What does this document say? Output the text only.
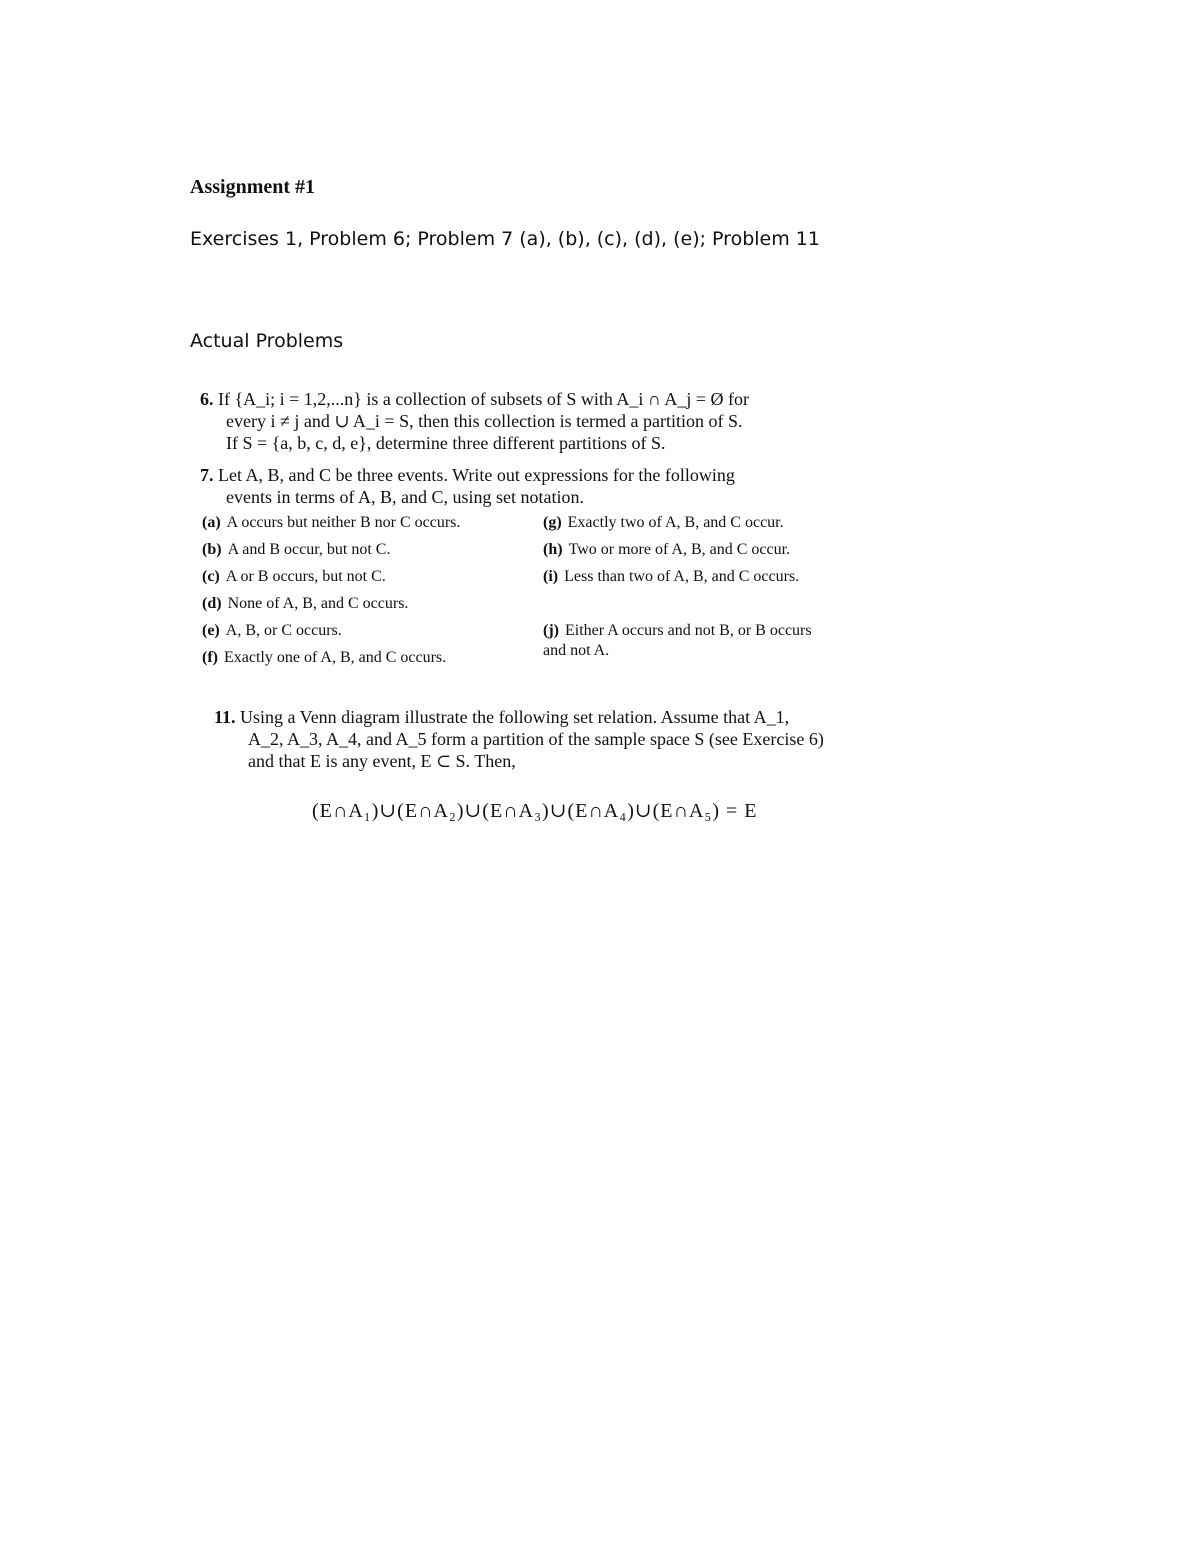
Assignment #1
Exercises 1, Problem 6; Problem 7 (a), (b), (c), (d), (e); Problem 11
Actual Problems
6. If {A_i; i = 1,2,...n} is a collection of subsets of S with A_i ∩ A_j = Ø for
every i ≠ j and ∪ A_i = S, then this collection is termed a partition of S.
If S = {a, b, c, d, e}, determine three different partitions of S.
7. Let A, B, and C be three events. Write out expressions for the following
events in terms of A, B, and C, using set notation.
(a) A occurs but neither B nor C occurs.
(b) A and B occur, but not C.
(c) A or B occurs, but not C.
(d) None of A, B, and C occurs.
(e) A, B, or C occurs.
(f) Exactly one of A, B, and C occurs.
(g) Exactly two of A, B, and C occur.
(h) Two or more of A, B, and C occur.
(i) Less than two of A, B, and C occurs.
(j) Either A occurs and not B, or B occurs and not A.
11. Using a Venn diagram illustrate the following set relation. Assume that A_1,
A_2, A_3, A_4, and A_5 form a partition of the sample space S (see Exercise 6)
and that E is any event, E ⊂ S. Then,
(E∩A₁)∪(E∩A₂)∪(E∩A₃)∪(E∩A₄)∪(E∩A₅) = E
